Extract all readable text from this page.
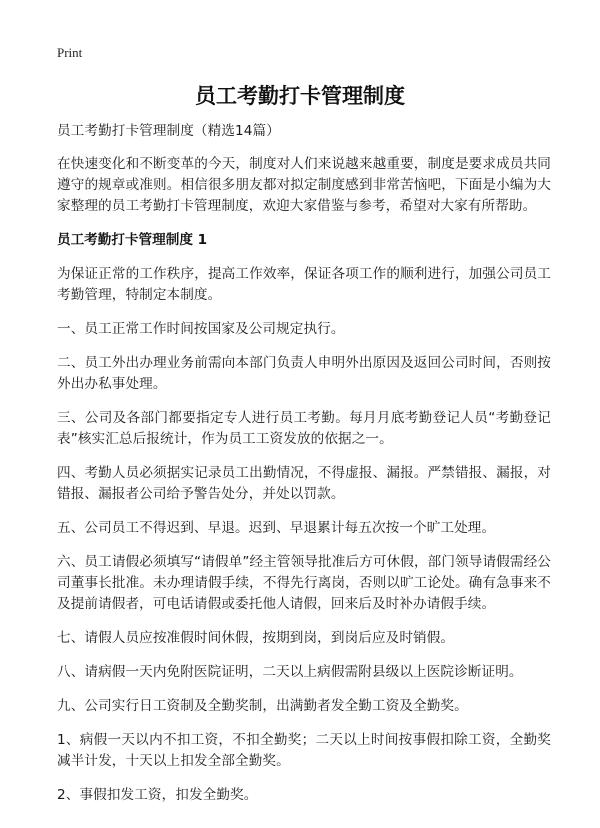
Print
员工考勤打卡管理制度

员工考勤打卡管理制度（精选14篇）

在快速变化和不断变革的今天，制度对人们来说越来越重要，制度是要求成员共同遵守的规章或准则。相信很多朋友都对拟定制度感到非常苦恼吧，下面是小编为大家整理的员工考勤打卡管理制度，欢迎大家借鉴与参考，希望对大家有所帮助。

员工考勤打卡管理制度 1

为保证正常的工作秩序，提高工作效率，保证各项工作的顺利进行，加强公司员工考勤管理，特制定本制度。

一、员工正常工作时间按国家及公司规定执行。

二、员工外出办理业务前需向本部门负责人申明外出原因及返回公司时间，否则按外出办私事处理。

三、公司及各部门都要指定专人进行员工考勤。每月月底考勤登记人员“考勤登记表”核实汇总后报统计，作为员工工资发放的依据之一。

四、考勤人员必须据实记录员工出勤情况，不得虚报、漏报。严禁错报、漏报，对错报、漏报者公司给予警告处分，并处以罚款。

五、公司员工不得迟到、早退。迟到、早退累计每五次按一个旷工处理。

六、员工请假必须填写“请假单”经主管领导批准后方可休假，部门领导请假需经公司董事长批准。未办理请假手续，不得先行离岗，否则以旷工论处。确有急事来不及提前请假者，可电话请假或委托他人请假，回来后及时补办请假手续。

七、请假人员应按准假时间休假，按期到岗，到岗后应及时销假。

八、请病假一天内免附医院证明，二天以上病假需附县级以上医院诊断证明。

九、公司实行日工资制及全勤奖制，出满勤者发全勤工资及全勤奖。

1、病假一天以内不扣工资，不扣全勤奖；二天以上时间按事假扣除工资，全勤奖减半计发，十天以上扣发全部全勤奖。

2、事假扣发工资，扣发全勤奖。
